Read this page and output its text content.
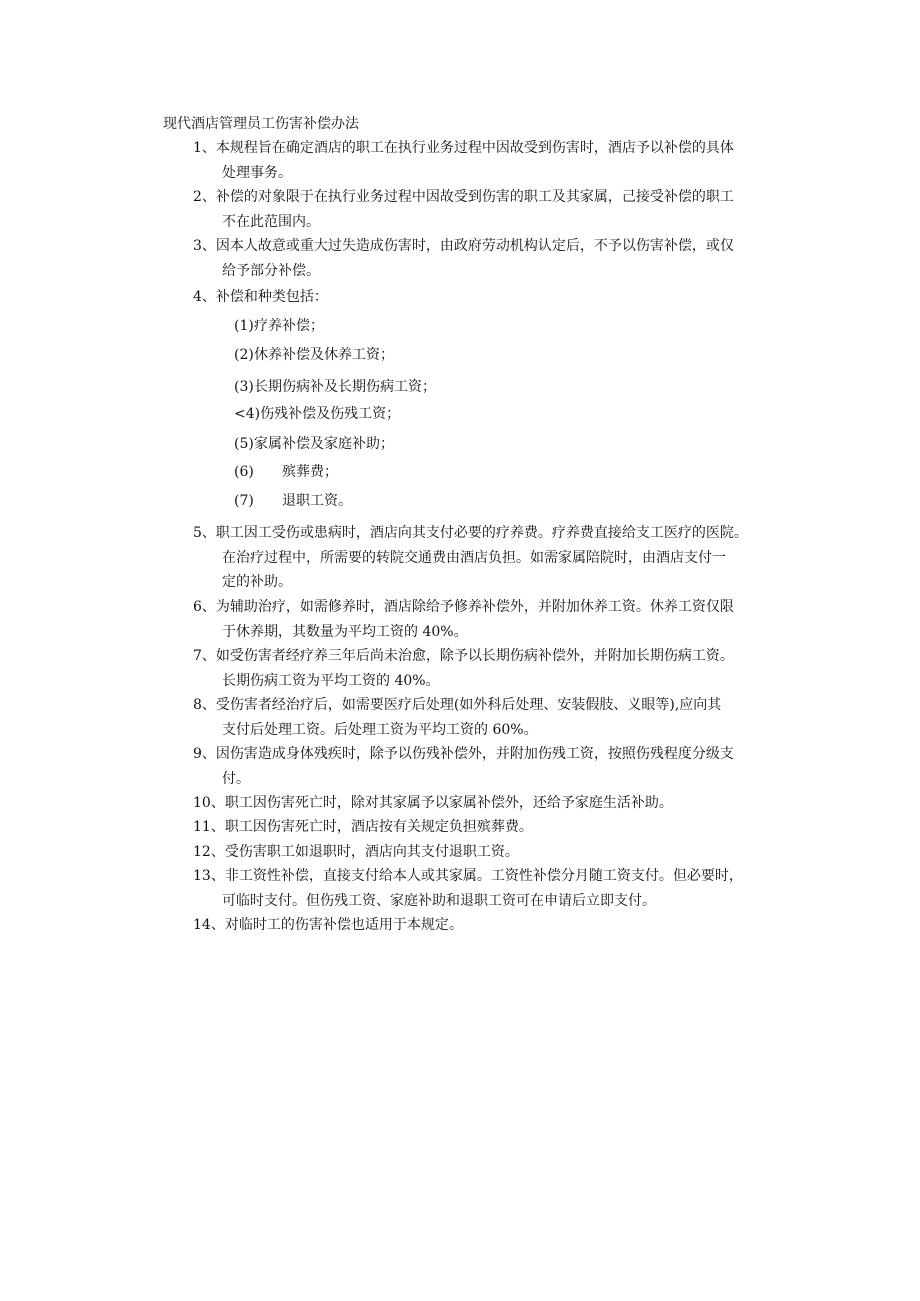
现代酒店管理员工伤害补偿办法
1、本规程旨在确定酒店的职工在执行业务过程中因故受到伤害时，酒店予以补偿的具体
处理事务。
2、补偿的对象限于在执行业务过程中因故受到伤害的职工及其家属，己接受补偿的职工
不在此范围内。
3、因本人故意或重大过失造成伤害时，由政府劳动机构认定后，不予以伤害补偿，或仅
给予部分补偿。
4、补偿和种类包括：
(1)疗养补偿；
(2)休养补偿及休养工资；
(3)长期伤病补及长期伤病工资；
<4)伤残补偿及伤残工资；
(5)家属补偿及家庭补助；
(6) 殡葬费；
(7) 退职工资。
5、职工因工受伤或患病时，酒店向其支付必要的疗养费。疗养费直接给支工医疗的医院。
在治疗过程中，所需要的转院交通费由酒店负担。如需家属陪院时，由酒店支付一
定的补助。
6、为辅助治疗，如需修养时，酒店除给予修养补偿外，并附加休养工资。休养工资仅限
于休养期，其数量为平均工资的 40%。
7、如受伤害者经疗养三年后尚未治愈，除予以长期伤病补偿外，并附加长期伤病工资。
长期伤病工资为平均工资的 40%。
8、受伤害者经治疗后，如需要医疗后处理(如外科后处理、安装假肢、义眼等),应向其
支付后处理工资。后处理工资为平均工资的 60%。
9、因伤害造成身体残疾时，除予以伤残补偿外，并附加伤残工资，按照伤残程度分级支
付。
10、职工因伤害死亡时，除对其家属予以家属补偿外，还给予家庭生活补助。
11、职工因伤害死亡时，酒店按有关规定负担殡葬费。
12、受伤害职工如退职时，酒店向其支付退职工资。
13、非工资性补偿，直接支付给本人或其家属。工资性补偿分月随工资支付。但必要时，
可临时支付。但伤残工资、家庭补助和退职工资可在申请后立即支付。
14、对临时工的伤害补偿也适用于本规定。
